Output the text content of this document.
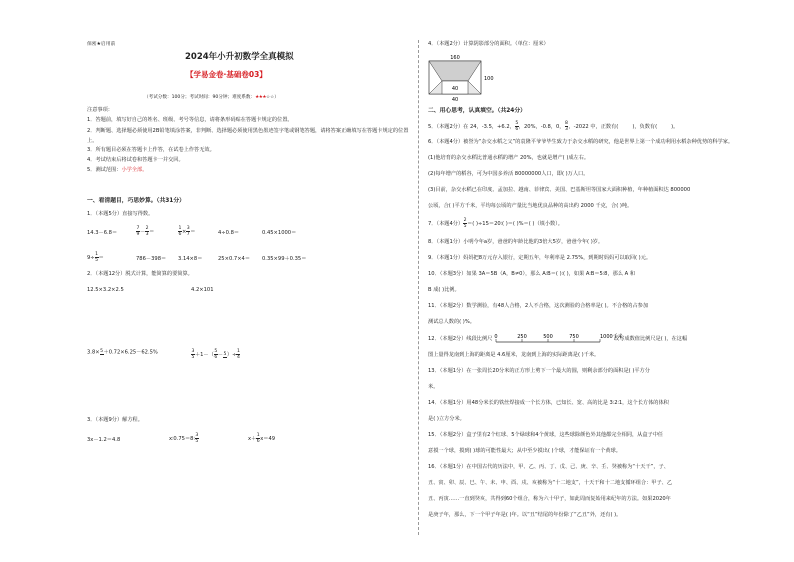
保密★启用前
2024年小升初数学全真模拟
【学易金卷·基础卷03】
（考试分数：100分；考试时间：90分钟；难度系数：★★★☆☆）
注意事项：
1．答题前，填写好自己的姓名、班级、考号等信息，请将条形码贴在答题卡规定的位置。
2．判断题、选择题必须使用2B铅笔填涂答案，非判断、选择题必须使用黑色墨迹签字笔或钢笔答题，请将答案正确填写在答题卡规定的位置上。
3．所有题目必须在答题卡上作答，在试卷上作答无效。
4．考试结束后将试卷和答题卡一并交回。
5．测试范围：小学全部。
一、看清题目，巧思妙算。（共31分）
1．（本题5分）直接写得数。
14.3－6.8＝	$\frac{7}{9} - \frac{2}{3}$ ＝	$\frac{1}{6} \times \frac{3}{7}$ ＝	4÷0.8＝	0.45×1000＝
$9\div \frac{1}{5}$ ＝	786－398＝ 3.14×8＝	25×0.7×4＝ 0.35×99＋0.35＝
2．（本题12分）脱式计算，能简算的要简算。
12.5×3.2×2.5	4.2×101
3.8× 5 ＋0.72×6.25－62.5%	$\frac{3}{5} +1-( \frac{5}{6} - 5$ ）÷ $\frac{1}{4}$
3．（本题9分）解方程。
3x－1.2＝4.8	x∶0.75＝8∶ $\frac{3}{5}$	$x+ \frac{1}{6} x=49$
4．（本题2分）计算阴影部分的面积。（单位：厘米）
160
40
100
40
二、用心思考，认真填空。（共24分）
5．（本题2分）在 24，-3.5，+6.2， $\frac{5}{6}$ ，20%，-0.8，0， $\frac{8}{3}$ ，-2022 中，正数有(	)，负数有(	)。
6．（本题4分）被誉为“杂交水稻之父”的袁隆平爷爷毕生致力于杂交水稻的研究，他是世界上第一个成功利用水稻杂种优势的科学家。
(1)他培育的杂交水稻比普通水稻的增产 20%，也就是增产( )成左右。
(2)每年增产的稻谷，可为中国多养活 80000000人口，即( )万人口。
(3)目前，杂交水稻已在印度、孟加拉、越南、菲律宾、美国、巴基斯坦等国家大面积种植，年种植面积达 800000
公顷，合( )平方千米，平均每公顷的产量比当地优良品种的高出约 2000 千克，合( )吨。
7．（本题4分） $\frac{2}{5}$ ＝( )÷15＝20∶( )＝( )%＝( )（填小数）。
8．（本题1分）小明今年a岁，爸爸的年龄比他的3倍大5岁，爸爸今年( )岁。
9．（本题1分）妈妈把8万元存入银行，定期五年，年利率是 2.75%，到期时妈妈可以取回( )元。
10．（本题3分）如果 3A＝5B（A，B≠0），那么 A∶B＝( )∶( )，如果 A∶B＝5∶8，那么 A 和
B 成( )比例。
11．（本题2分）数学测验，有48人合格，2人不合格，这次测验的合格率是( )。不合格的占参加
测试总人数的( )%。
12．（本题2分）线段比例尺 0	250	500	750	1000千米
改写成数值比例尺是( )，在这幅
图上量得龙南到上海的距离是 4.6厘米，龙南到上海的实际距离是( )千米。
13．（本题1分）在一张周长20分米的正方形上剪下一个最大的圆，则剩余部分的面积是( )平方分
米。
14．（本题1分）用48分米长的铁丝焊接成一个长方体，已知长、宽、高的比是 3∶2∶1，这个长方体的体积
是( )立方分米。
15．（本题2分）盒子里有2个红球、5个绿球和4个黄球，这些球除颜色外其他都完全相同，从盒子中任
意摸一个球，摸到( )球的可能性最大；从中至少摸出( )个球，才能保证有一个黄球。
16．（本题1分）在中国古代的历法中，甲、乙、丙、丁、戊、己、庚、辛、壬、癸被称为“十天干”，子、
丑、寅、卯、辰、巳、午、未、申、酉、戌、亥被称为“十二地支”，十天干和十二地支循环组合：甲子、乙
丑、丙寅……一直到癸亥，共得到60个组合，称为六十甲子，如此周而复始用来纪年的方法。如果2020年
是庚子年，那么，下一个甲子年是( )年。以“丑”结尾的年份除了“乙丑”外，还有( )。
